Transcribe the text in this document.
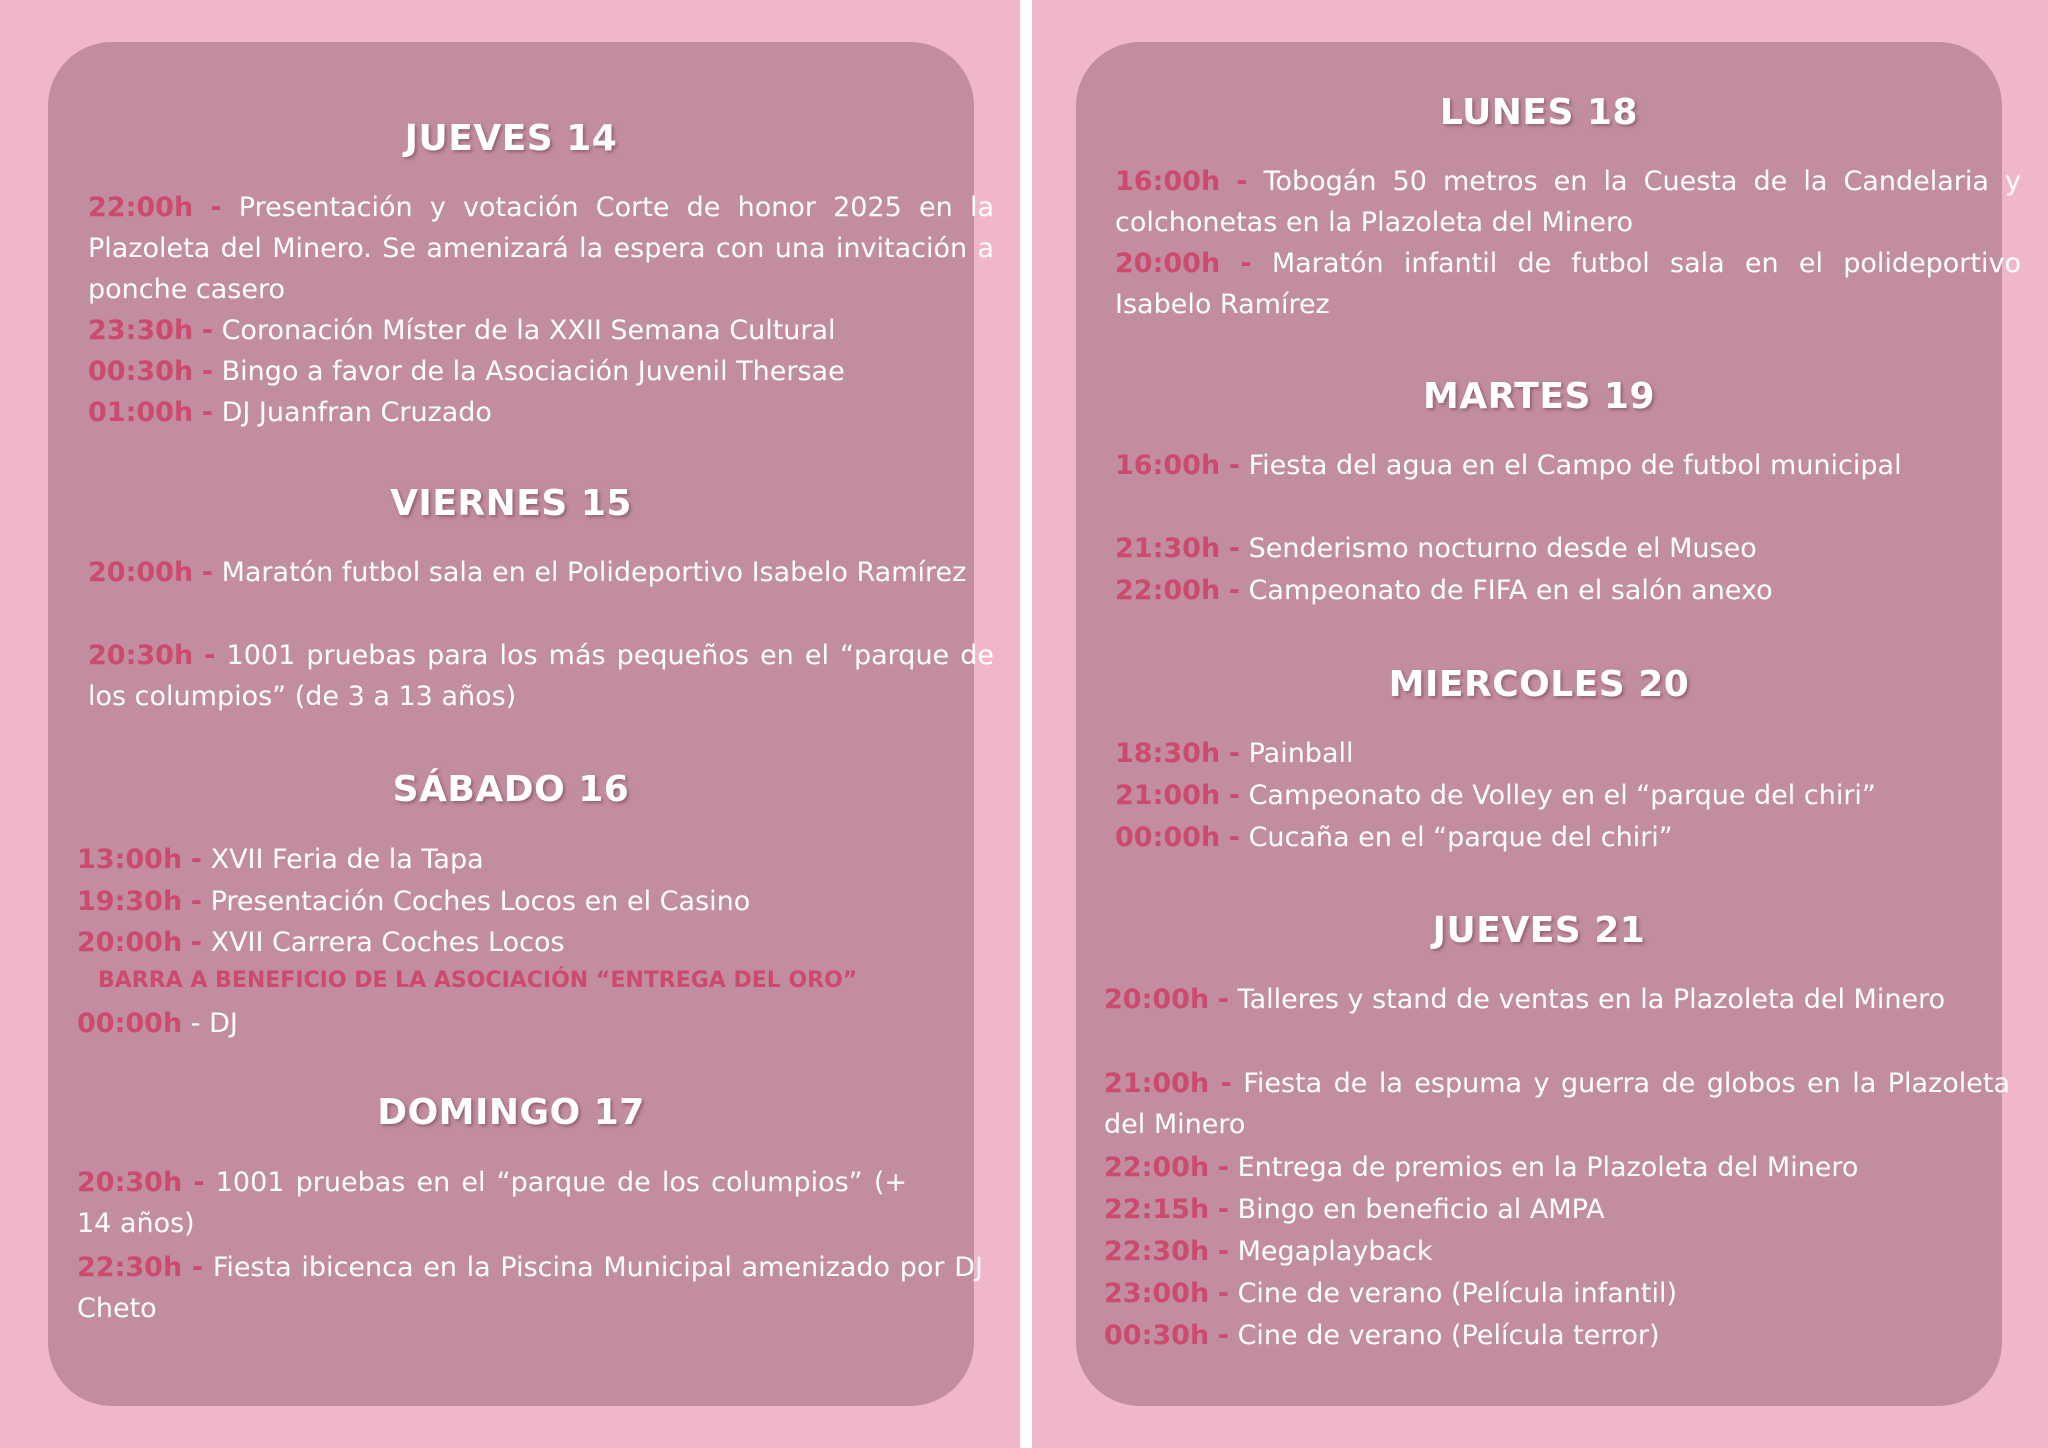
JUEVES 14

22:00h - Presentación y votación Corte de honor 2025 en la Plazoleta del Minero. Se amenizará la espera con una invitación a ponche casero

23:30h - Coronación Míster de la XXII Semana Cultural

00:30h - Bingo a favor de la Asociación Juvenil Thersae

01:00h - DJ Juanfran Cruzado

VIERNES 15

20:00h - Maratón futbol sala en el Polideportivo Isabelo Ramírez

20:30h - 1001 pruebas para los más pequeños en el “parque de los columpios” (de 3 a 13 años)

SÁBADO 16

13:00h - XVII Feria de la Tapa

19:30h - Presentación Coches Locos en el Casino

20:00h - XVII Carrera Coches Locos

BARRA A BENEFICIO DE LA ASOCIACIÓN “ENTREGA DEL ORO”

00:00h - DJ

DOMINGO 17

20:30h - 1001 pruebas en el “parque de los columpios” (+ 14 años)

22:30h - Fiesta ibicenca en la Piscina Municipal amenizado por DJ Cheto

LUNES 18

16:00h - Tobogán 50 metros en la Cuesta de la Candelaria y colchonetas en la Plazoleta del Minero

20:00h - Maratón infantil de futbol sala en el polideportivo Isabelo Ramírez

MARTES 19

16:00h - Fiesta del agua en el Campo de futbol municipal

21:30h - Senderismo nocturno desde el Museo

22:00h - Campeonato de FIFA en el salón anexo

MIERCOLES 20

18:30h - Painball

21:00h - Campeonato de Volley en el “parque del chiri”

00:00h - Cucaña en el “parque del chiri”

JUEVES 21

20:00h - Talleres y stand de ventas en la Plazoleta del Minero

21:00h - Fiesta de la espuma y guerra de globos en la Plazoleta del Minero

22:00h - Entrega de premios en la Plazoleta del Minero

22:15h - Bingo en beneficio al AMPA

22:30h - Megaplayback

23:00h - Cine de verano (Película infantil)

00:30h - Cine de verano (Película terror)
